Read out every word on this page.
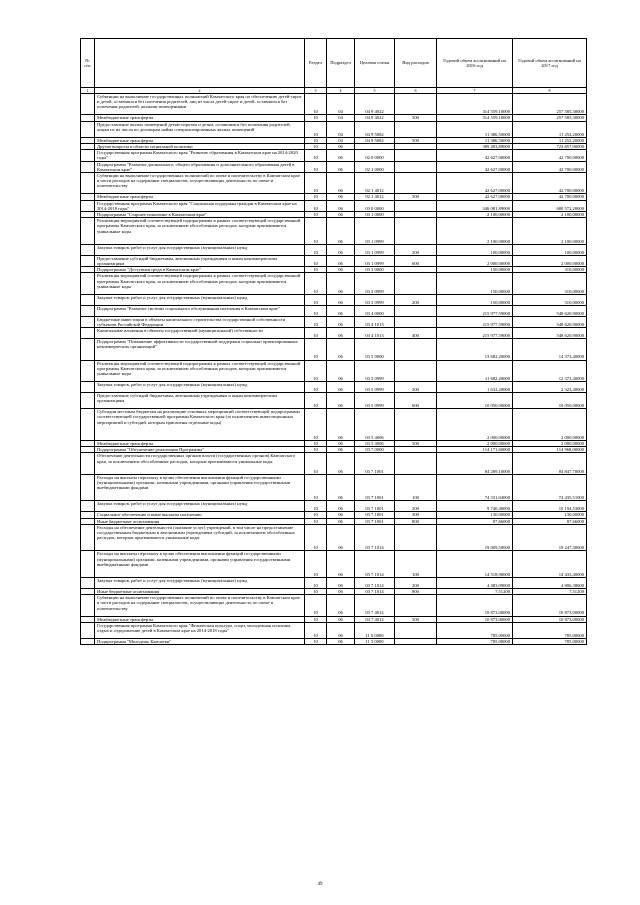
№ п/п		Раздел	Подраздел	Целевая статья	Вид расходов	Годовой объем ассигнований на 2016 год	Годовой объем ассигнований на 2017 год
1	2	3	4	5	6	7	8
	Субвенции на выполнение государственных полномочий Камчатского края по обеспечению детей-сирот и детей, оставшихся без попечения родителей, лиц из числа детей-сирот и детей, оставшихся без попечения родителей, жилыми помещениями	10	04	04 9 4022		314 559,10000	257 585,30000
	Межбюджетные трансферты	10	04	04 9 4022	500	314 559,10000	257 585,30000
	Предоставление жилых помещений детям-сиротам и детям, оставшимся без попечения родителей, лицам из их числа по договорам найма специализированных жилых помещений	10	04	04 9 5082		11 386,50000	11 252,20000
	Межбюджетные трансферты	10	04	04 9 5082	500	11 386,50000	11 252,20000
	Другие вопросы в области социальной политики	10	06			389 403,89000	723 857,90000
	Государственная программа Камчатского края "Развитие образования в Камчатском крае на 2014-2020 годы"	10	06	02 0 0000		42 627,00000	42 700,00000
	Подпрограмма "Развитие дошкольного, общего образования и дополнительного образования детей в Камчатском крае"	10	06	02 1 0000		42 627,00000	42 700,00000
	Субвенции на выполнение государственных полномочий по опеке и попечительству в Камчатском крае в части расходов на содержание специалистов, осуществляющих деятельность по опеке и попечительству	10	06	02 1 4012		42 627,00000	42 700,00000
	Межбюджетные трансферты	10	06	02 1 4012	500	42 627,00000	42 700,00000
	Государственная программа Камчатского края "Социальная поддержка граждан в Камчатском крае на 2014-2018 годы"	10	06	03 0 0000		346 081,89000	680 572,20000
	Подпрограмма "Старшее поколение в Камчатском крае"	10	06	03 1 0000		2 100,00000	2 100,00000
	Реализация мероприятий соответствующей подпрограммы в рамках соответствующей государственной программы Камчатского края, за исключением обособленных расходов, которым присваиваются уникальные коды	10	06	03 1 0999		2 100,00000	2 100,00000
	Закупка товаров, работ и услуг для государственных (муниципальных) нужд	10	06	03 1 0999	200	100,00000	100,00000
	Предоставление субсидий бюджетным, автономным учреждениям и иным некоммерческим организациям	10	06	03 1 0999	600	2 000,00000	2 000,00000
	Подпрограмма "Доступная среда в Камчатском крае"	10	06	03 3 0000		150,00000	310,00000
	Реализация мероприятий соответствующей подпрограммы в рамках соответствующей государственной программы Камчатского края, за исключением обособленных расходов, которым присваиваются уникальные коды	10	06	03 3 0999		150,00000	310,00000
	Закупка товаров, работ и услуг для государственных (муниципальных) нужд	10	06	03 3 0999	200	150,00000	310,00000
	Подпрограмма "Развитие системы социального обслуживания населения в Камчатском крае"	10	06	03 4 0000		215 977,59000	548 620,90000
	Бюджетные инвестиции в объекты капитального строительства государственной собственности субъектов Российской Федерации	10	06	03 4 1013		215 977,59000	548 620,90000
	Капитальные вложения в объекты государственной (муниципальной) собственности	10	06	03 4 1013	400	215 977,59000	548 620,90000
	Подпрограмма "Повышение эффективности государственной поддержки социально ориентированных некоммерческих организаций"	10	06	03 5 0000		13 682,20000	14 373,40000
	Реализация мероприятий соответствующей подпрограммы в рамках соответствующей государственной программы Камчатского края, за исключением обособленных расходов, которым присваиваются уникальные коды	10	06	03 5 0999		11 682,20000	12 373,40000
	Закупка товаров, работ и услуг для государственных (муниципальных) нужд	10	06	03 5 0999	200	1 632,20000	2 323,40000
	Предоставление субсидий бюджетным, автономным учреждениям и иным некоммерческим организациям	10	06	03 5 0999	600	10 050,00000	10 050,00000
	Субсидии местным бюджетам на реализацию основных мероприятий соответствующей подпрограммы соответствующей государственной программы Камчатского края (за исключением инвестиционных мероприятий и субсидий, которым присвоены отдельные коды)	10	06	03 5 4006		2 000,00000	2 000,00000
	Межбюджетные трансферты	10	06	03 5 4006	500	2 000,00000	2 000,00000
	Подпрограмма "Обеспечение реализации Программы"	10	06	03 7 0000		114 171,60000	114 968,00000
	Обеспечение деятельности государственных органов власти (государственных органов) Камчатского края, за исключением обособленных расходов, которым присваиваются уникальные коды	10	06	03 7 1001		84 289,10000	84 847,70000
	Расходы на выплаты персоналу в целях обеспечения выполнения функций государственными (муниципальными) органами, казенными учреждениями, органами управления государственными внебюджетными фондами	10	06	03 7 1001	100	74 331,04000	74 435,51000
	Закупка товаров, работ и услуг для государственных (муниципальных) нужд	10	06	03 7 1001	200	9 740,40000	10 194,53000
	Социальное обеспечение и иные выплаты населению	10	06	03 7 1001	300	130,00000	130,00000
	Иные бюджетные ассигнования	10	06	03 7 1001	800	87,66000	87,66000
	Расходы на обеспечение деятельности (оказание услуг) учреждений, в том числе на предоставление государственным бюджетным и автономным учреждениям субсидий, за исключением обособленных расходов, которым присваиваются уникальные коды	10	06	03 7 1014		19 009,50000	19 247,30000
	Расходы на выплаты персоналу в целях обеспечения выполнения функций государственными (муниципальными) органами, казенными учреждениями, органами управления государственными внебюджетными фондами	10	06	03 7 1014	100	14 518,90000	14 433,40000
	Закупка товаров, работ и услуг для государственных (муниципальных) нужд	10	06	03 7 1014	200	4 483,09000	4 806,38000
	Иные бюджетные ассигнования	10	06	03 7 1014	800	7,51200	7,51200
	Субвенции на выполнение государственных полномочий по опеке и попечительству в Камчатском крае в части расходов на содержание специалистов, осуществляющих деятельность по опеке и попечительству	10	06	03 7 4012		10 873,00000	10 873,00000
	Межбюджетные трансферты	10	06	03 7 4012	500	10 873,00000	10 873,00000
	Государственная программа Камчатского края "Физическая культура, спорт, молодежная политика, отдых и оздоровление детей в Камчатском крае на 2014-2018 годы"	10	06	11 0 0000		785,00000	785,00000
	Подпрограмма "Молодежь Камчатки"	10	06	11 5 0000		785,00000	785,00000
49
